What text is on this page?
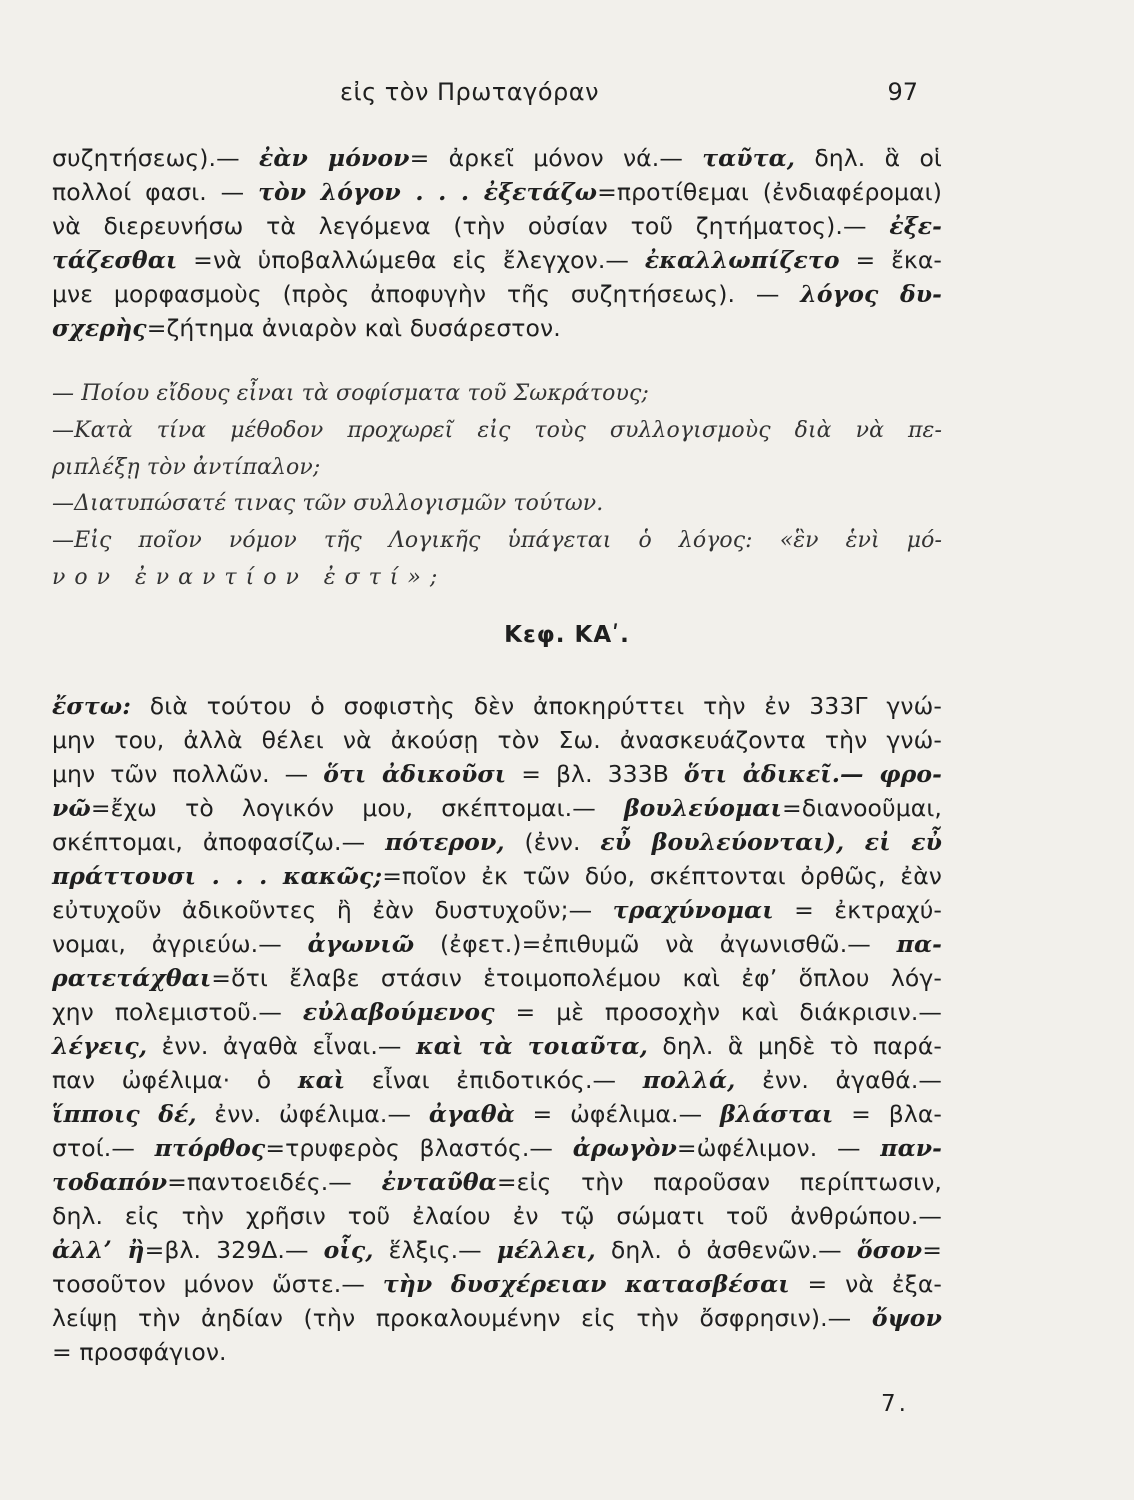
εἰς τὸν Πρωταγόραν	97
συζητήσεως).— ἐὰν μόνον= ἀρκεῖ μόνον νά.— ταῦτα, δηλ. ἃ οἱ
πολλοί φασι. — τὸν λόγον . . . ἐξετάζω=προτίθεμαι (ἐνδιαφέρομαι)
νὰ διερευνήσω τὰ λεγόμενα (τὴν οὐσίαν τοῦ ζητήματος).— ἐξε-
τάζεσθαι =νὰ ὑποβαλλώμεθα εἰς ἔλεγχον.— ἐκαλλωπίζετο = ἔκα-
μνε μορφασμοὺς (πρὸς ἀποφυγὴν τῆς συζητήσεως). — λόγος δυ-
σχερὴς=ζήτημα ἀνιαρὸν καὶ δυσάρεστον.
— Ποίου εἴδους εἶναι τὰ σοφίσματα τοῦ Σωκράτους;
—Κατὰ τίνα μέθοδον προχωρεῖ εἰς τοὺς συλλογισμοὺς διὰ νὰ πε-
ριπλέξῃ τὸν ἀντίπαλον;
—Διατυπώσατέ τινας τῶν συλλογισμῶν τούτων.
—Εἰς ποῖον νόμον τῆς Λογικῆς ὑπάγεται ὁ λόγος: «ἓν ἑνὶ μό-
νον ἐναντίον ἐστί»;
Κεφ. ΚΑʹ.
ἔστω: διὰ τούτου ὁ σοφιστὴς δὲν ἀποκηρύττει τὴν ἐν 333Γ γνώ-
μην του, ἀλλὰ θέλει νὰ ἀκούσῃ τὸν Σω. ἀνασκευάζοντα τὴν γνώ-
μην τῶν πολλῶν. — ὅτι ἀδικοῦσι = βλ. 333Β ὅτι ἀδικεῖ.— φρο-
νῶ=ἔχω τὸ λογικόν μου, σκέπτομαι.— βουλεύομαι=διανοοῦμαι,
σκέπτομαι, ἀποφασίζω.— πότερον, (ἐνν. εὖ βουλεύονται), εἰ εὖ
πράττουσι . . . κακῶς;=ποῖον ἐκ τῶν δύο, σκέπτονται ὀρθῶς, ἐὰν
εὐτυχοῦν ἀδικοῦντες ἢ ἐὰν δυστυχοῦν;— τραχύνομαι = ἐκτραχύ-
νομαι, ἀγριεύω.— ἀγωνιῶ (ἐφετ.)=ἐπιθυμῶ νὰ ἀγωνισθῶ.— πα-
ρατετάχθαι=ὅτι ἔλαβε στάσιν ἑτοιμοπολέμου καὶ ἐφʼ ὅπλου λόγ-
χην πολεμιστοῦ.— εὐλαβούμενος = μὲ προσοχὴν καὶ διάκρισιν.—
λέγεις, ἐνν. ἀγαθὰ εἶναι.— καὶ τὰ τοιαῦτα, δηλ. ἃ μηδὲ τὸ παρά-
παν ὠφέλιμα· ὁ καὶ εἶναι ἐπιδοτικός.— πολλά, ἐνν. ἀγαθά.—
ἵπποις δέ, ἐνν. ὠφέλιμα.— ἀγαθὰ = ὠφέλιμα.— βλάσται = βλα-
στοί.— πτόρθος=τρυφερὸς βλαστός.— ἀρωγὸν=ὠφέλιμον. — παν-
τοδαπόν=παντοειδές.— ἐνταῦθα=εἰς τὴν παροῦσαν περίπτωσιν,
δηλ. εἰς τὴν χρῆσιν τοῦ ἐλαίου ἐν τῷ σώματι τοῦ ἀνθρώπου.—
ἀλλʼ ἢ=βλ. 329Δ.— οἷς, ἕλξις.— μέλλει, δηλ. ὁ ἀσθενῶν.— ὅσον=
τοσοῦτον μόνον ὥστε.— τὴν δυσχέρειαν κατασβέσαι = νὰ ἐξα-
λείψῃ τὴν ἀηδίαν (τὴν προκαλουμένην εἰς τὴν ὄσφρησιν).— ὄψον
= προσφάγιον.
7.
